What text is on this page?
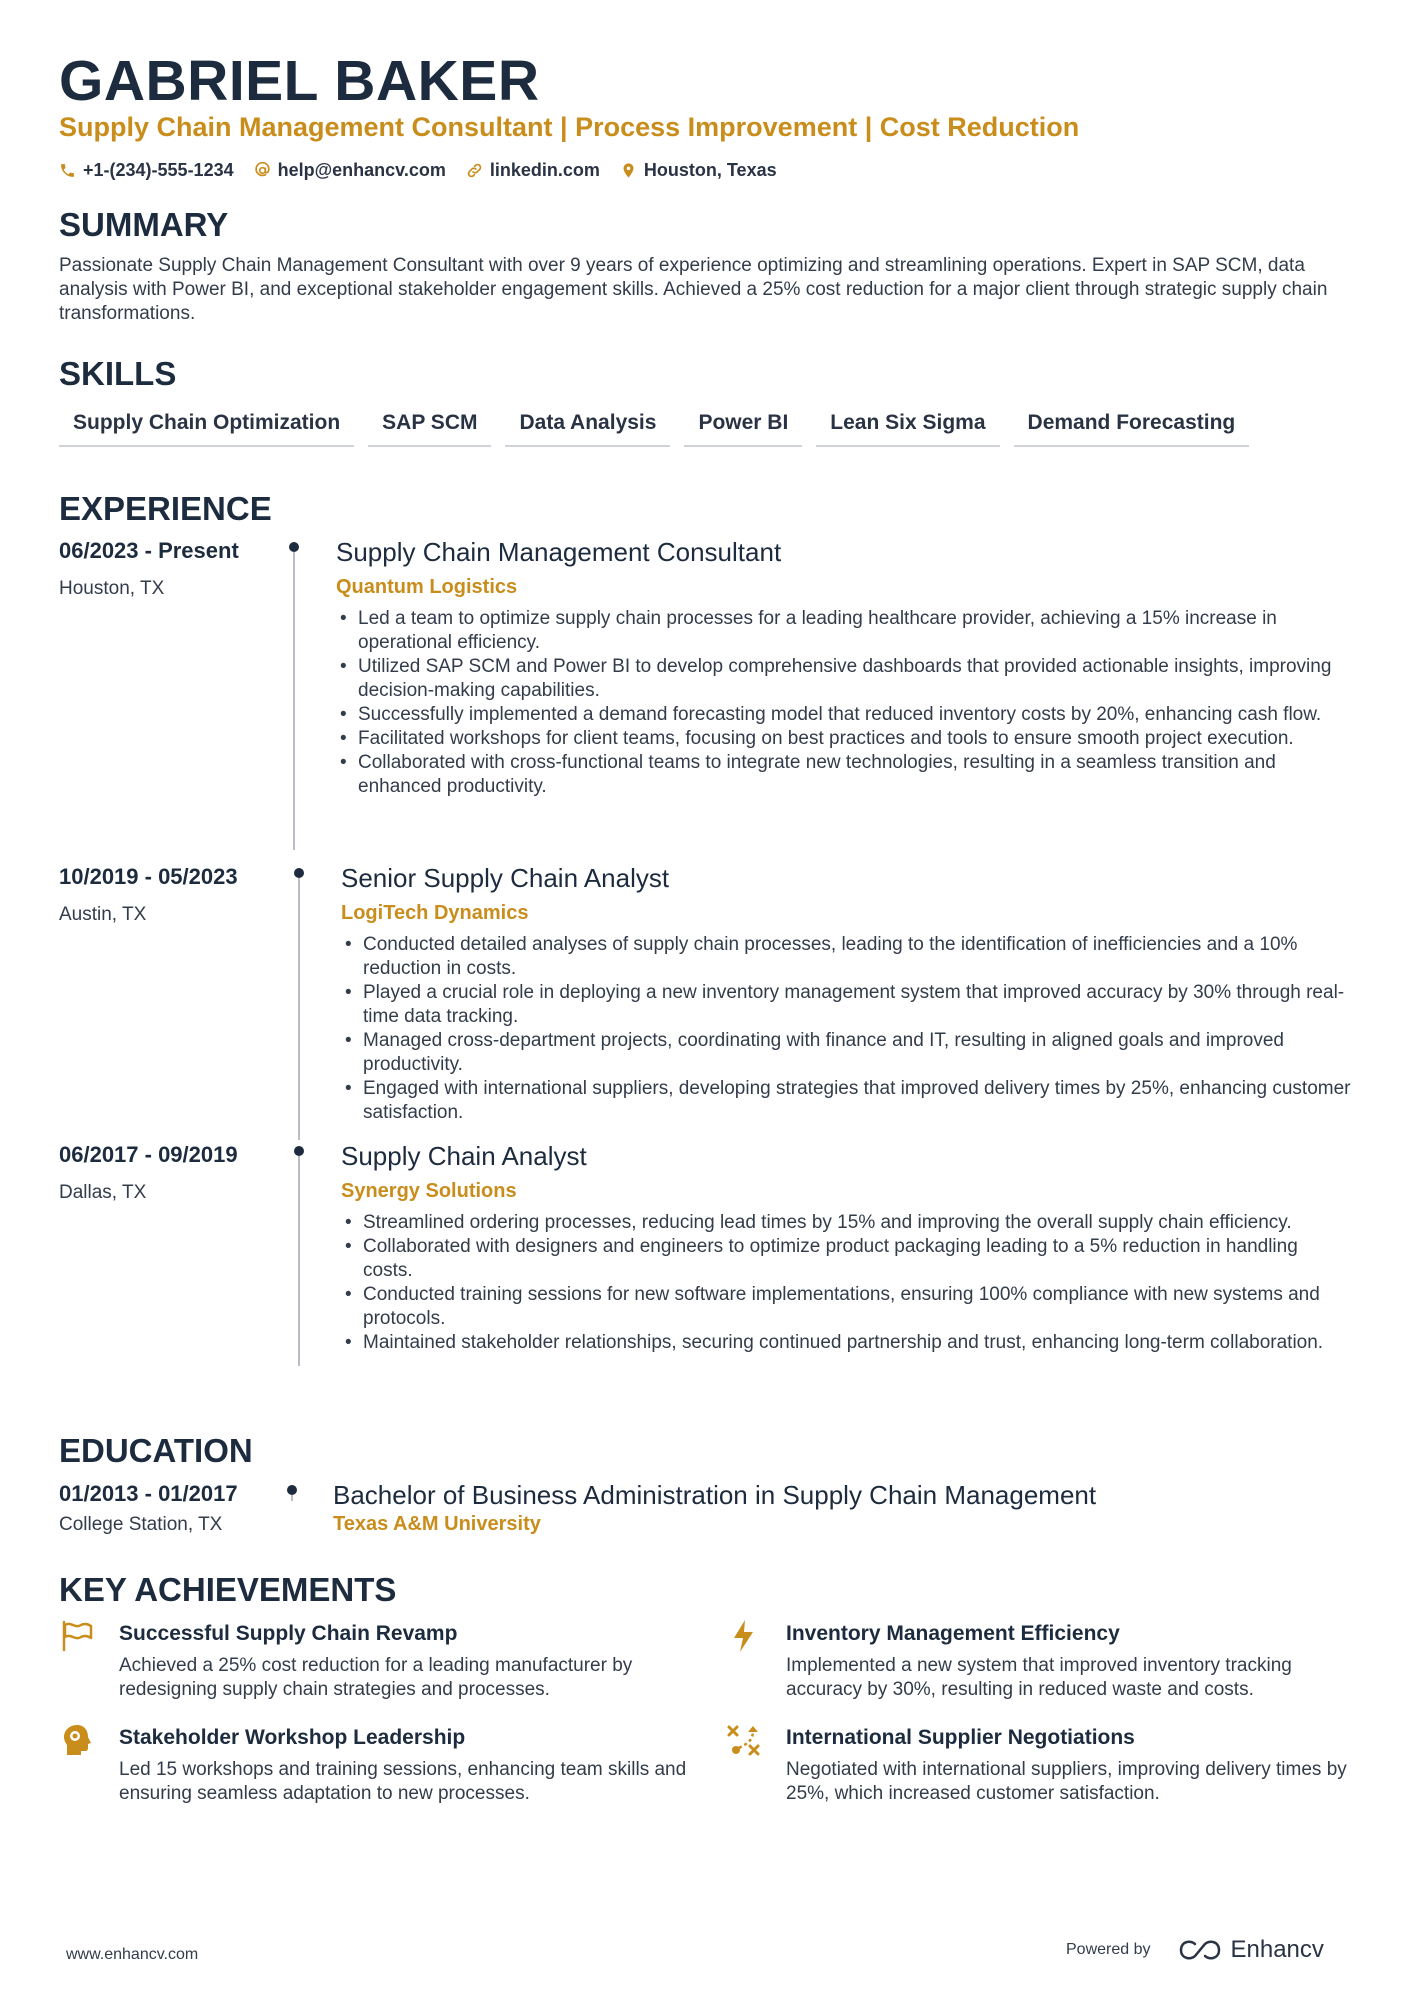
GABRIEL BAKER
Supply Chain Management Consultant | Process Improvement | Cost Reduction
+1-(234)-555-1234 help@enhancv.com linkedin.com Houston, Texas
SUMMARY
Passionate Supply Chain Management Consultant with over 9 years of experience optimizing and streamlining operations. Expert in SAP SCM, data analysis with Power BI, and exceptional stakeholder engagement skills. Achieved a 25% cost reduction for a major client through strategic supply chain transformations.
SKILLS
Supply Chain Optimization	SAP SCM	Data Analysis	Power BI	Lean Six Sigma	Demand Forecasting
EXPERIENCE
06/2023 - Present
Houston, TX
Supply Chain Management Consultant
Quantum Logistics
• Led a team to optimize supply chain processes for a leading healthcare provider, achieving a 15% increase in operational efficiency.
• Utilized SAP SCM and Power BI to develop comprehensive dashboards that provided actionable insights, improving decision-making capabilities.
• Successfully implemented a demand forecasting model that reduced inventory costs by 20%, enhancing cash flow.
• Facilitated workshops for client teams, focusing on best practices and tools to ensure smooth project execution.
• Collaborated with cross-functional teams to integrate new technologies, resulting in a seamless transition and enhanced productivity.
10/2019 - 05/2023
Austin, TX
Senior Supply Chain Analyst
LogiTech Dynamics
• Conducted detailed analyses of supply chain processes, leading to the identification of inefficiencies and a 10% reduction in costs.
• Played a crucial role in deploying a new inventory management system that improved accuracy by 30% through real-time data tracking.
• Managed cross-department projects, coordinating with finance and IT, resulting in aligned goals and improved productivity.
• Engaged with international suppliers, developing strategies that improved delivery times by 25%, enhancing customer satisfaction.
06/2017 - 09/2019
Dallas, TX
Supply Chain Analyst
Synergy Solutions
• Streamlined ordering processes, reducing lead times by 15% and improving the overall supply chain efficiency.
• Collaborated with designers and engineers to optimize product packaging leading to a 5% reduction in handling costs.
• Conducted training sessions for new software implementations, ensuring 100% compliance with new systems and protocols.
• Maintained stakeholder relationships, securing continued partnership and trust, enhancing long-term collaboration.
EDUCATION
01/2013 - 01/2017
College Station, TX
Bachelor of Business Administration in Supply Chain Management
Texas A&M University
KEY ACHIEVEMENTS
Successful Supply Chain Revamp
Achieved a 25% cost reduction for a leading manufacturer by redesigning supply chain strategies and processes.
Inventory Management Efficiency
Implemented a new system that improved inventory tracking accuracy by 30%, resulting in reduced waste and costs.
Stakeholder Workshop Leadership
Led 15 workshops and training sessions, enhancing team skills and ensuring seamless adaptation to new processes.
International Supplier Negotiations
Negotiated with international suppliers, improving delivery times by 25%, which increased customer satisfaction.
www.enhancv.com	Powered by	Enhancv
